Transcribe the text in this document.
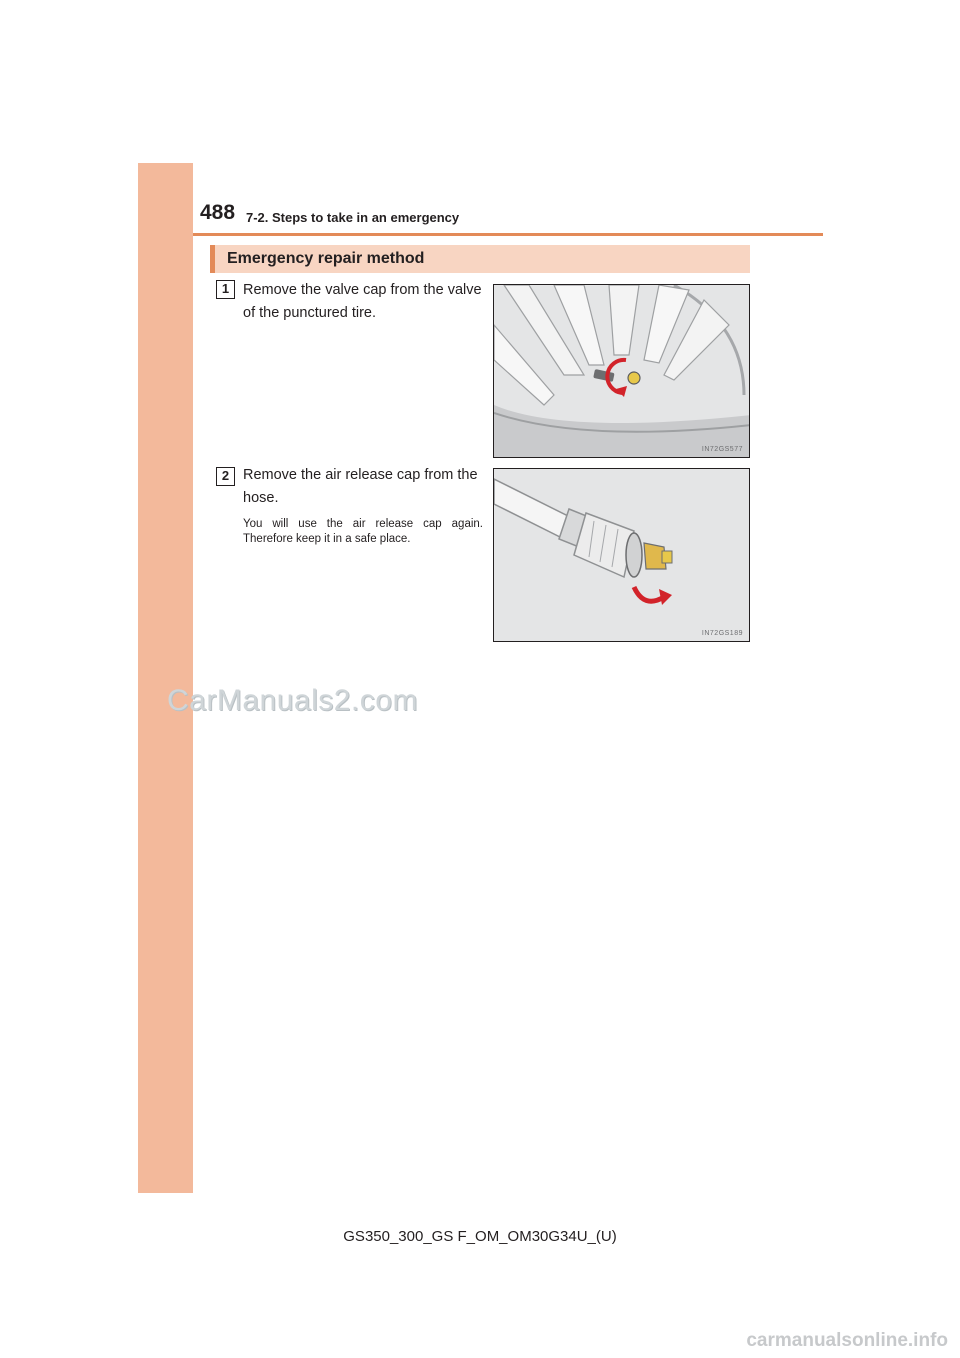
488 7-2. Steps to take in an emergency
Emergency repair method
1 Remove the valve cap from the valve of the punctured tire.
IN72GS577
2 Remove the air release cap from the hose.
You will use the air release cap again. Therefore keep it in a safe place.
IN72GS189
CarManuals2.com
GS350_300_GS F_OM_OM30G34U_(U)
carmanualsonline.info
